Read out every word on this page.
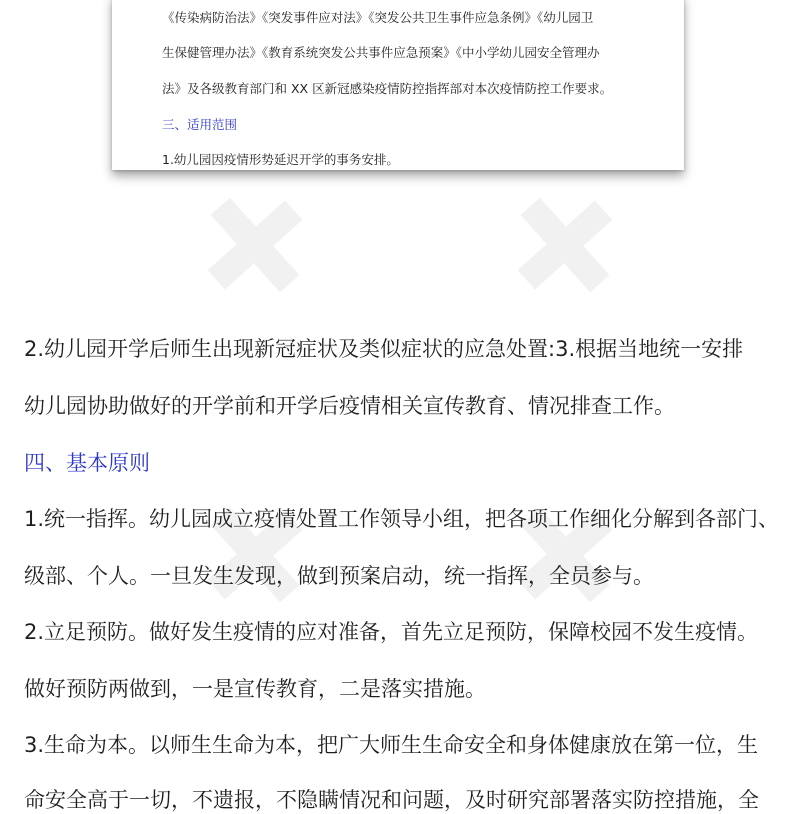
《传染病防治法》《突发事件应对法》《突发公共卫生事件应急条例》《幼儿园卫
生保健管理办法》《教育系统突发公共事件应急预案》《中小学幼儿园安全管理办
法》及各级教育部门和 XX 区新冠感染疫情防控指挥部对本次疫情防控工作要求。
三、适用范围
1.幼儿园因疫情形势延迟开学的事务安排。
2.幼儿园开学后师生出现新冠症状及类似症状的应急处置:3.根据当地统一安排
幼儿园协助做好的开学前和开学后疫情相关宣传教育、情况排查工作。
四、基本原则
1.统一指挥。幼儿园成立疫情处置工作领导小组，把各项工作细化分解到各部门、
级部、个人。一旦发生发现，做到预案启动，统一指挥，全员参与。
2.立足预防。做好发生疫情的应对准备，首先立足预防，保障校园不发生疫情。
做好预防两做到，一是宣传教育，二是落实措施。
3.生命为本。以师生生命为本，把广大师生生命安全和身体健康放在第一位，生
命安全高于一切，不遗报，不隐瞒情况和问题，及时研究部署落实防控措施，全
